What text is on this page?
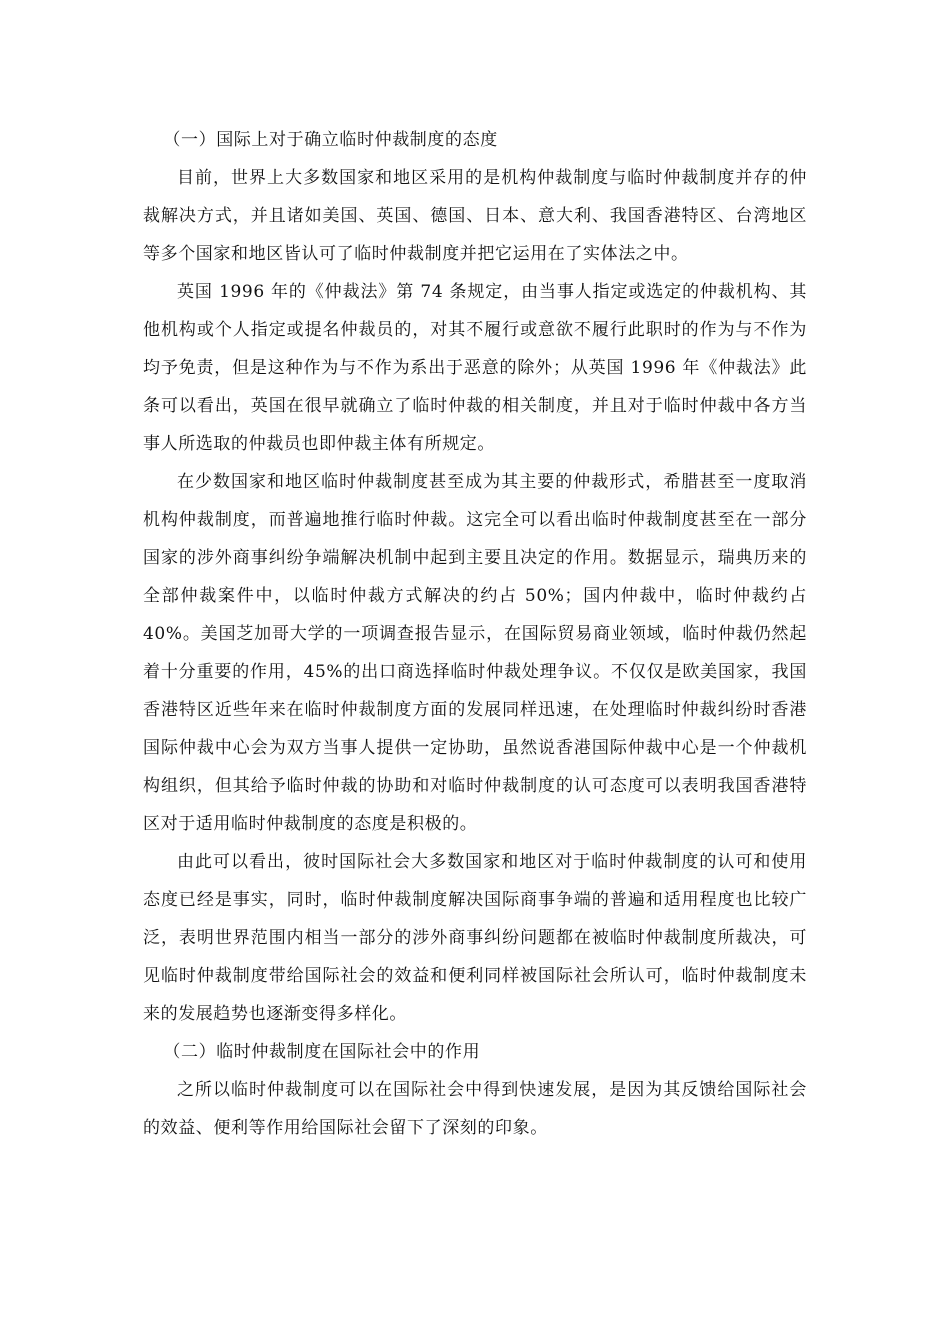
（一）国际上对于确立临时仲裁制度的态度

目前，世界上大多数国家和地区采用的是机构仲裁制度与临时仲裁制度并存的仲裁解决方式，并且诸如美国、英国、德国、日本、意大利、我国香港特区、台湾地区等多个国家和地区皆认可了临时仲裁制度并把它运用在了实体法之中。

英国 1996 年的《仲裁法》第 74 条规定，由当事人指定或选定的仲裁机构、其他机构或个人指定或提名仲裁员的，对其不履行或意欲不履行此职时的作为与不作为均予免责，但是这种作为与不作为系出于恶意的除外；从英国 1996 年《仲裁法》此条可以看出，英国在很早就确立了临时仲裁的相关制度，并且对于临时仲裁中各方当事人所选取的仲裁员也即仲裁主体有所规定。

在少数国家和地区临时仲裁制度甚至成为其主要的仲裁形式，希腊甚至一度取消机构仲裁制度，而普遍地推行临时仲裁。这完全可以看出临时仲裁制度甚至在一部分国家的涉外商事纠纷争端解决机制中起到主要且决定的作用。数据显示，瑞典历来的全部仲裁案件中，以临时仲裁方式解决的约占 50%；国内仲裁中，临时仲裁约占 40%。美国芝加哥大学的一项调查报告显示，在国际贸易商业领域，临时仲裁仍然起着十分重要的作用，45%的出口商选择临时仲裁处理争议。不仅仅是欧美国家，我国香港特区近些年来在临时仲裁制度方面的发展同样迅速，在处理临时仲裁纠纷时香港国际仲裁中心会为双方当事人提供一定协助，虽然说香港国际仲裁中心是一个仲裁机构组织，但其给予临时仲裁的协助和对临时仲裁制度的认可态度可以表明我国香港特区对于适用临时仲裁制度的态度是积极的。

由此可以看出，彼时国际社会大多数国家和地区对于临时仲裁制度的认可和使用态度已经是事实，同时，临时仲裁制度解决国际商事争端的普遍和适用程度也比较广泛，表明世界范围内相当一部分的涉外商事纠纷问题都在被临时仲裁制度所裁决，可见临时仲裁制度带给国际社会的效益和便利同样被国际社会所认可，临时仲裁制度未来的发展趋势也逐渐变得多样化。

（二）临时仲裁制度在国际社会中的作用

之所以临时仲裁制度可以在国际社会中得到快速发展，是因为其反馈给国际社会的效益、便利等作用给国际社会留下了深刻的印象。
